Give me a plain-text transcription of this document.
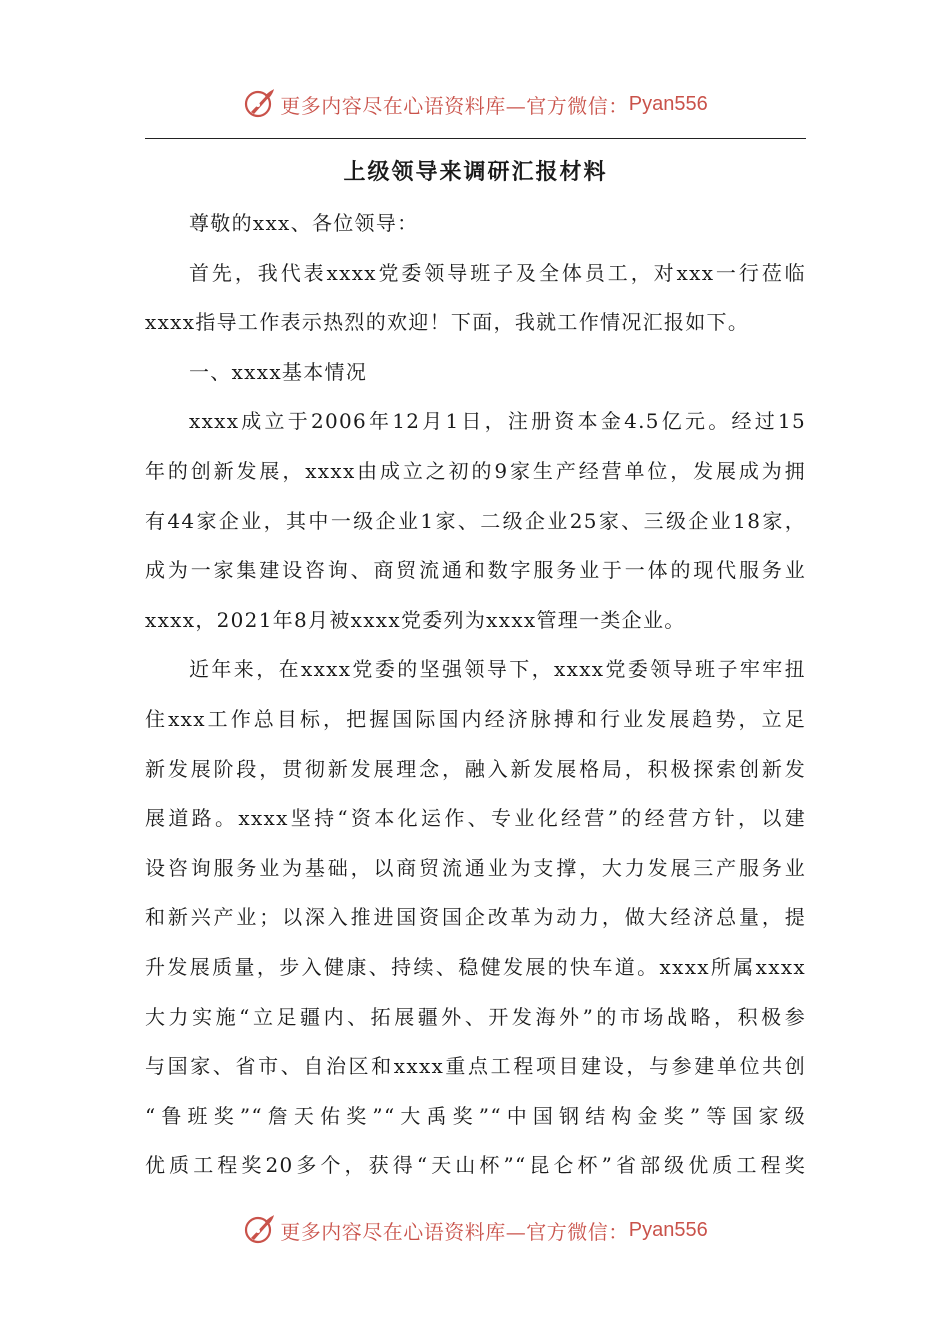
更多内容尽在心语资料库—官方微信： Pyan556
上级领导来调研汇报材料
尊敬的xxx、各位领导：
首先，我代表xxxx党委领导班子及全体员工，对xxx一行莅临
xxxx指导工作表示热烈的欢迎！下面，我就工作情况汇报如下。
一、xxxx基本情况
xxxx成立于2006年12月1日，注册资本金4.5亿元。经过15
年的创新发展，xxxx由成立之初的9家生产经营单位，发展成为拥
有44家企业，其中一级企业1家、二级企业25家、三级企业18家，
成为一家集建设咨询、商贸流通和数字服务业于一体的现代服务业
xxxx，2021年8月被xxxx党委列为xxxx管理一类企业。
近年来，在xxxx党委的坚强领导下，xxxx党委领导班子牢牢扭
住xxx工作总目标，把握国际国内经济脉搏和行业发展趋势，立足
新发展阶段，贯彻新发展理念，融入新发展格局，积极探索创新发
展道路。xxxx坚持“资本化运作、专业化经营”的经营方针，以建
设咨询服务业为基础，以商贸流通业为支撑，大力发展三产服务业
和新兴产业；以深入推进国资国企改革为动力，做大经济总量，提
升发展质量，步入健康、持续、稳健发展的快车道。xxxx所属xxxx
大力实施“立足疆内、拓展疆外、开发海外”的市场战略，积极参
与国家、省市、自治区和xxxx重点工程项目建设，与参建单位共创
“鲁班奖”“詹天佑奖”“大禹奖”“中国钢结构金奖”等国家级
优质工程奖20多个，获得“天山杯”“昆仑杯”省部级优质工程奖
更多内容尽在心语资料库—官方微信： Pyan556
